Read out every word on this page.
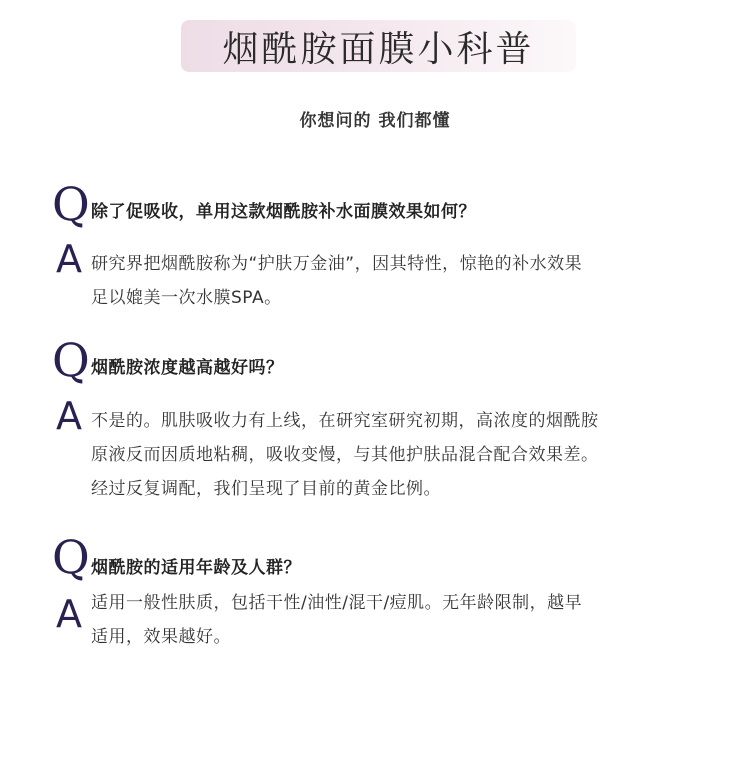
烟酰胺面膜小科普
你想问的 我们都懂
Q 除了促吸收，单用这款烟酰胺补水面膜效果如何？
A 研究界把烟酰胺称为“护肤万金油”，因其特性，惊艳的补水效果
足以媲美一次水膜SPA。
Q 烟酰胺浓度越高越好吗？
A 不是的。肌肤吸收力有上线，在研究室研究初期，高浓度的烟酰胺
原液反而因质地粘稠，吸收变慢，与其他护肤品混合配合效果差。
经过反复调配，我们呈现了目前的黄金比例。
Q 烟酰胺的适用年龄及人群？
A 适用一般性肤质，包括干性/油性/混干/痘肌。无年龄限制，越早
适用，效果越好。
